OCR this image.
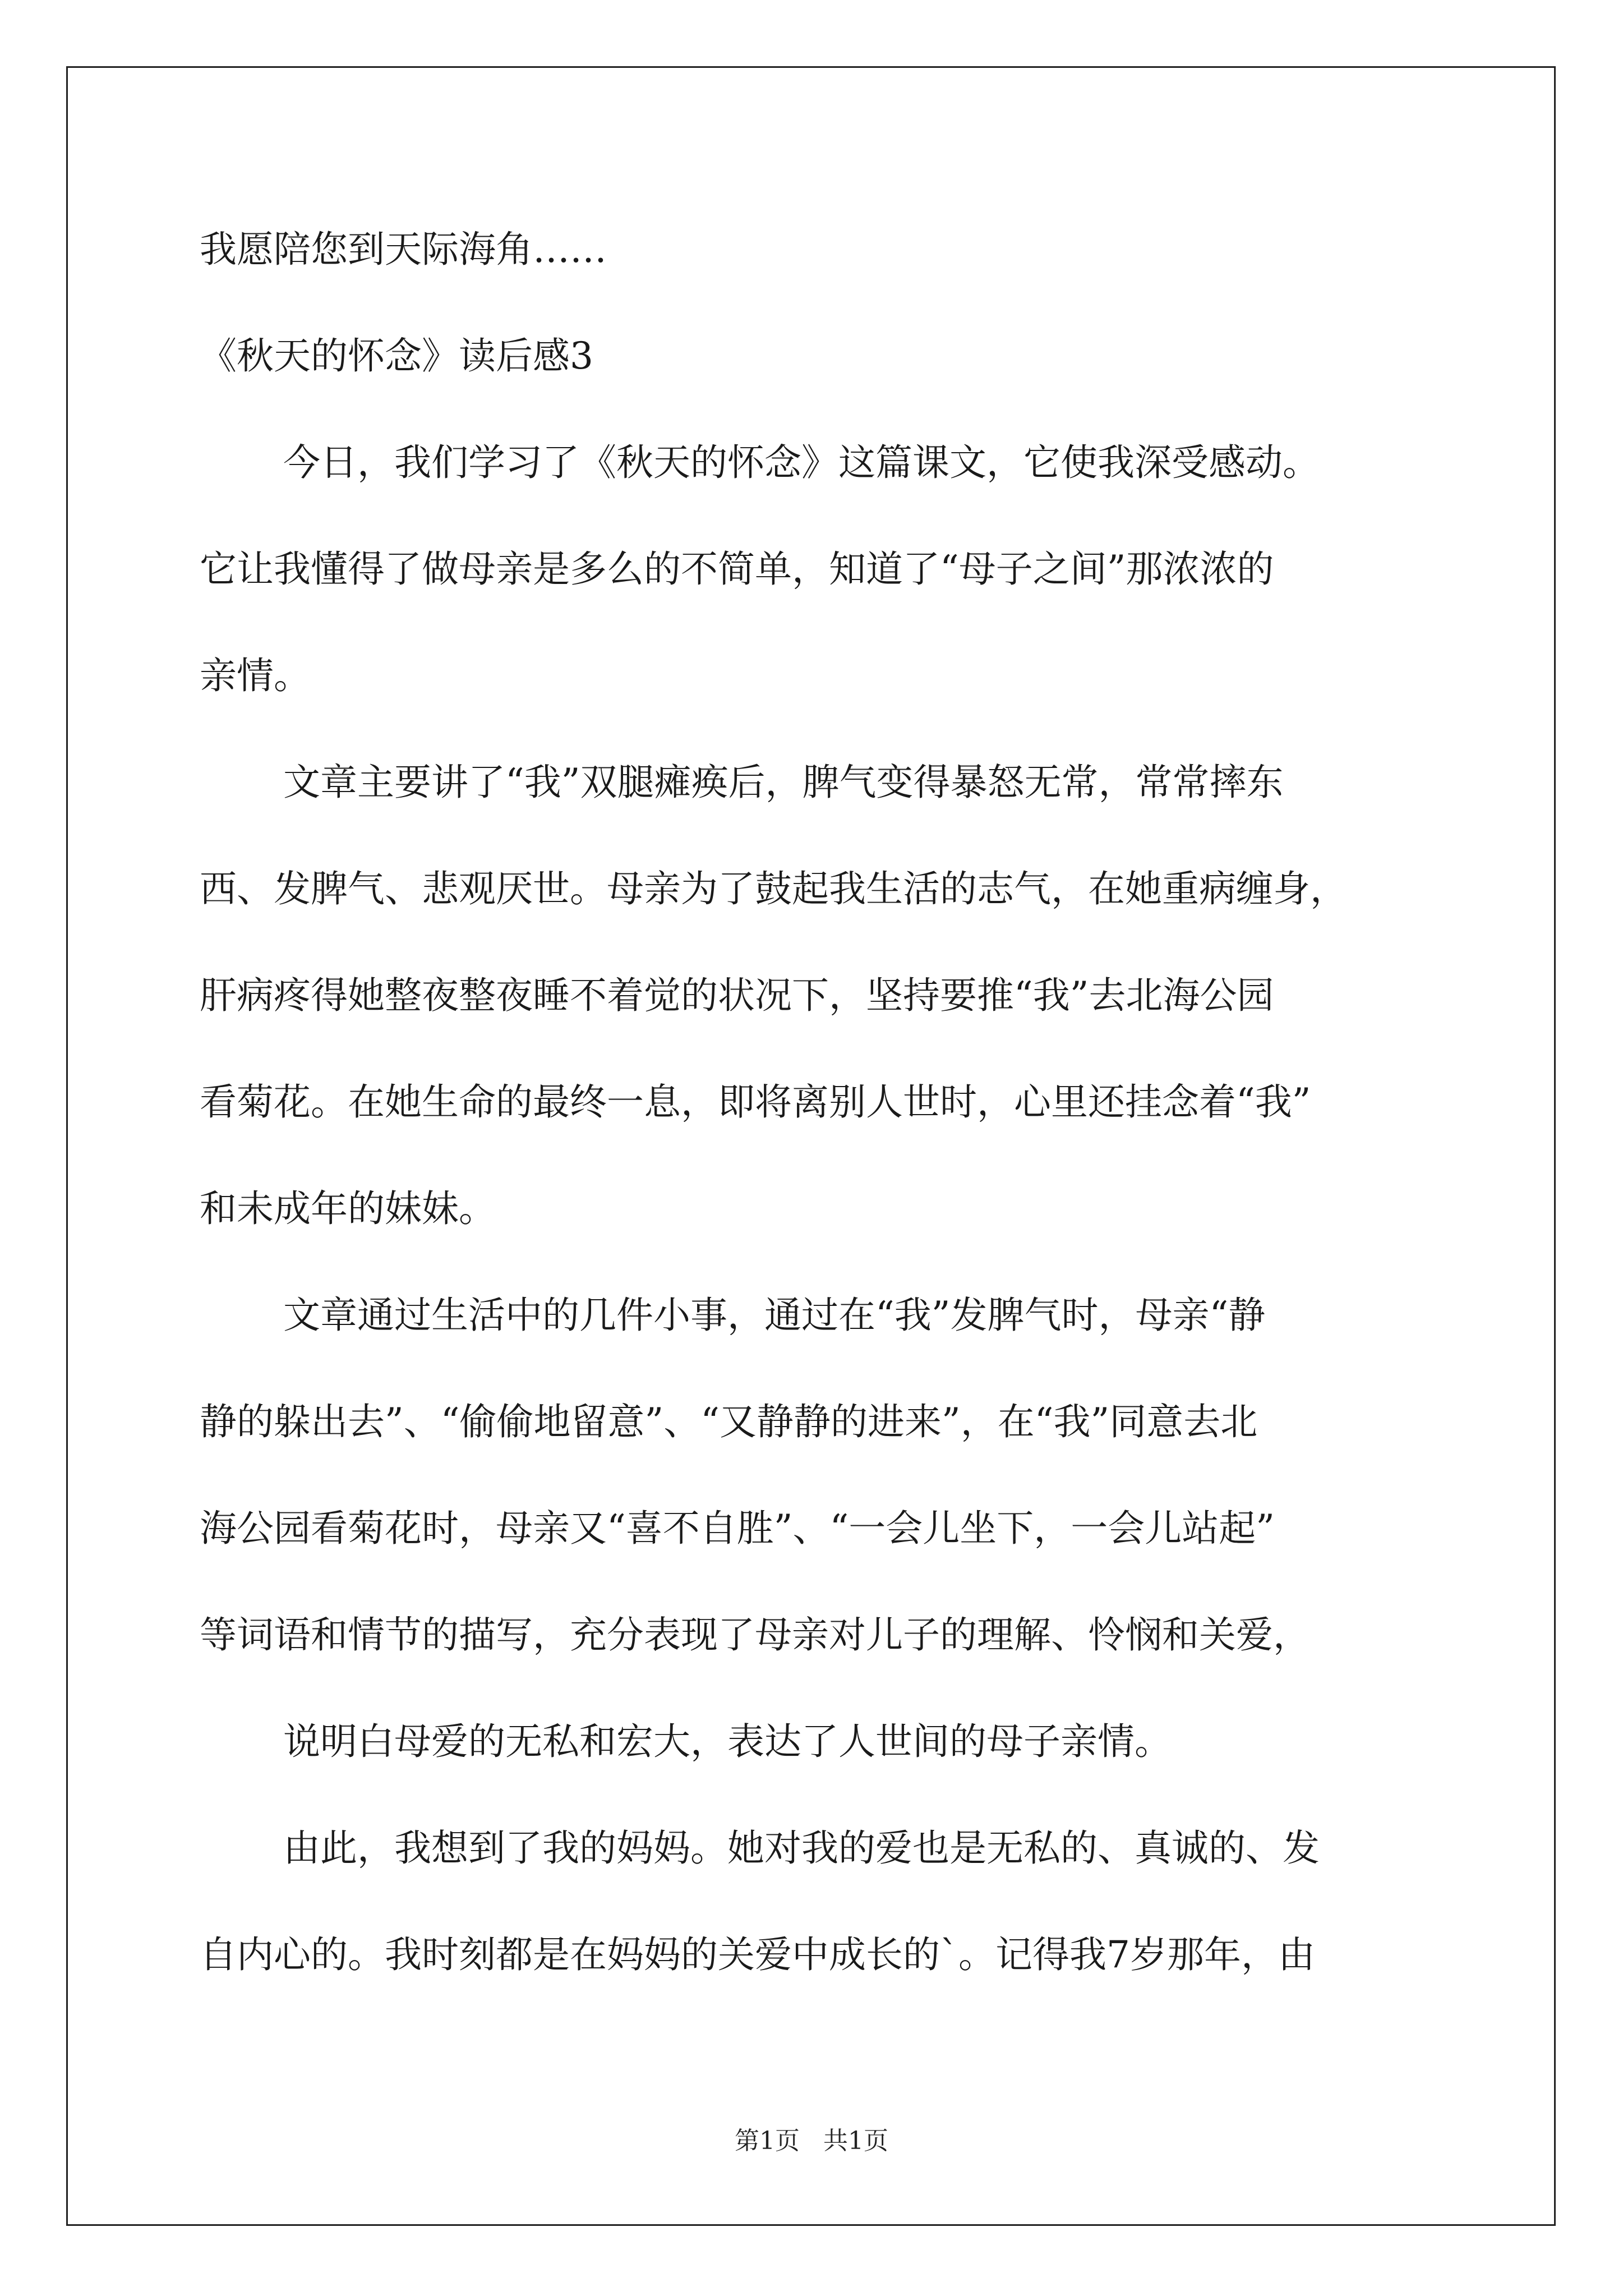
我愿陪您到天际海角……
《秋天的怀念》读后感3
今日，我们学习了《秋天的怀念》这篇课文，它使我深受感动。
它让我懂得了做母亲是多么的不简单，知道了“母子之间”那浓浓的
亲情。
文章主要讲了“我”双腿瘫痪后，脾气变得暴怒无常，常常摔东
西、发脾气、悲观厌世。母亲为了鼓起我生活的志气，在她重病缠身，
肝病疼得她整夜整夜睡不着觉的状况下，坚持要推“我”去北海公园
看菊花。在她生命的最终一息，即将离别人世时，心里还挂念着“我”
和未成年的妹妹。
文章通过生活中的几件小事，通过在“我”发脾气时，母亲“静
静的躲出去”、“偷偷地留意”、“又静静的进来”，在“我”同意去北
海公园看菊花时，母亲又“喜不自胜”、“一会儿坐下，一会儿站起”
等词语和情节的描写，充分表现了母亲对儿子的理解、怜悯和关爱，
说明白母爱的无私和宏大，表达了人世间的母子亲情。
由此，我想到了我的妈妈。她对我的爱也是无私的、真诚的、发
自内心的。我时刻都是在妈妈的关爱中成长的`。记得我7岁那年，由
第1页 共1页
